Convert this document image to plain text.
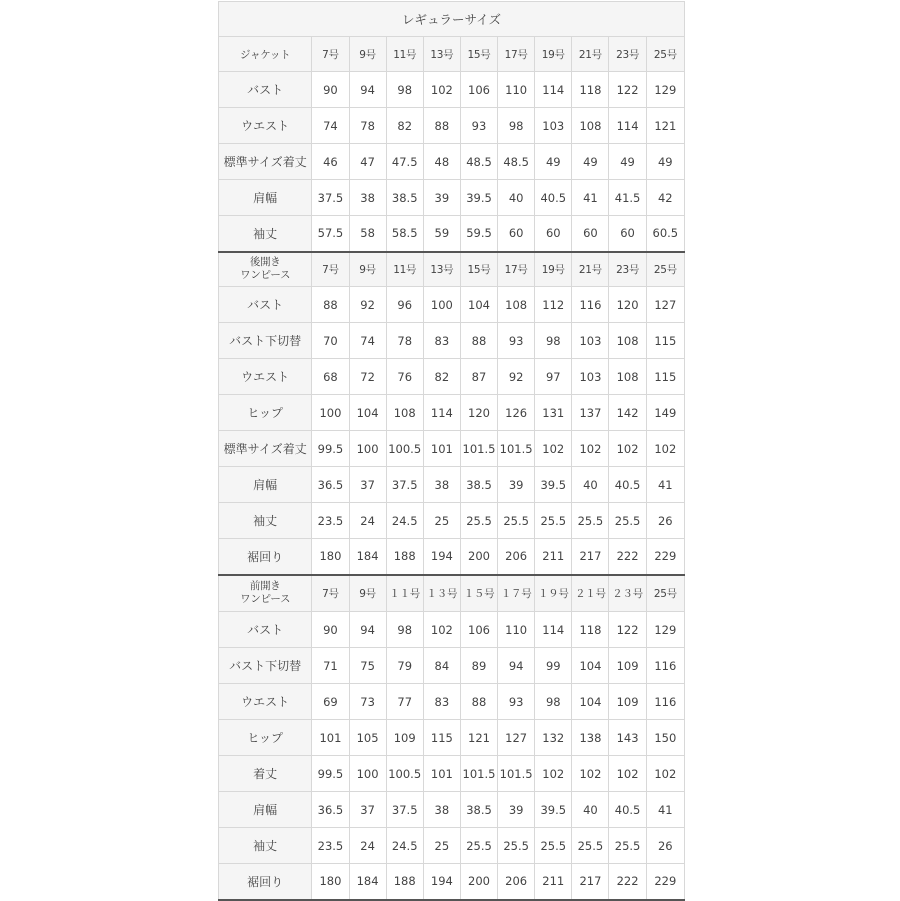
レギュラーサイズ										
ジャケット	7号	9号	11号	13号	15号	17号	19号	21号	23号	25号
バスト	90	94	98	102	106	110	114	118	122	129
ウエスト	74	78	82	88	93	98	103	108	114	121
標準サイズ着丈	46	47	47.5	48	48.5	48.5	49	49	49	49
肩幅	37.5	38	38.5	39	39.5	40	40.5	41	41.5	42
袖丈	57.5	58	58.5	59	59.5	60	60	60	60	60.5
後開き
ワンピース	7号	9号	11号	13号	15号	17号	19号	21号	23号	25号
バスト	88	92	96	100	104	108	112	116	120	127
バスト下切替	70	74	78	83	88	93	98	103	108	115
ウエスト	68	72	76	82	87	92	97	103	108	115
ヒップ	100	104	108	114	120	126	131	137	142	149
標準サイズ着丈	99.5	100	100.5	101	101.5	101.5	102	102	102	102
肩幅	36.5	37	37.5	38	38.5	39	39.5	40	40.5	41
袖丈	23.5	24	24.5	25	25.5	25.5	25.5	25.5	25.5	26
裾回り	180	184	188	194	200	206	211	217	222	229
前開き
ワンピース	7号	9号	１１号	１３号	１５号	１７号	１９号	２１号	２３号	25号
バスト	90	94	98	102	106	110	114	118	122	129
バスト下切替	71	75	79	84	89	94	99	104	109	116
ウエスト	69	73	77	83	88	93	98	104	109	116
ヒップ	101	105	109	115	121	127	132	138	143	150
着丈	99.5	100	100.5	101	101.5	101.5	102	102	102	102
肩幅	36.5	37	37.5	38	38.5	39	39.5	40	40.5	41
袖丈	23.5	24	24.5	25	25.5	25.5	25.5	25.5	25.5	26
裾回り	180	184	188	194	200	206	211	217	222	229
